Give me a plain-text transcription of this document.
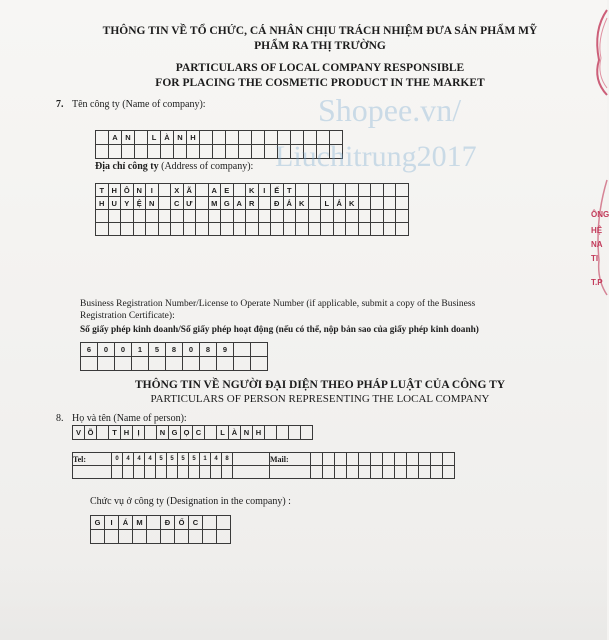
THÔNG TIN VỀ TỔ CHỨC, CÁ NHÂN CHỊU TRÁCH NHIỆM ĐƯA SẢN PHẨM MỸ
PHẨM RA THỊ TRƯỜNG
PARTICULARS OF LOCAL COMPANY RESPONSIBLE
FOR PLACING THE COSMETIC PRODUCT IN THE MARKET
7. Tên công ty (Name of company):
	A	N		L	À	N	H											

Địa chỉ công ty (Address of company):
T	H	Ô	N	I		X	Ã		A	E		K	I	Ế	T									
H	U	Y	Ệ	N		C	Ư		M	G	A	R		Đ	Ắ	K		L	Ắ	K				

Business Registration Number/License to Operate Number (if applicable, submit a copy of the Business
Registration Certificate):
Số giấy phép kinh doanh/Số giấy phép hoạt động (nếu có thể, nộp bản sao của giấy phép kinh doanh)
6	0	0	1	5	8	0	8	9		

THÔNG TIN VỀ NGƯỜI ĐẠI DIỆN THEO PHÁP LUẬT CỦA CÔNG TY
PARTICULARS OF PERSON REPRESENTING THE LOCAL COMPANY
8. Họ và tên (Name of person):
V	Õ		T	H	Ị		N	G	Ọ	C		L	À	N	H				
Tel:	0	4	4	4	5	5	5	5	1	4	8		Mail:												

Chức vụ ở công ty (Designation in the company) :
G	I	Á	M		Đ	Ố	C		

Shopee.vn/
Liuchitrung2017
ÔNG
HỆ
NA
TI
T.P
